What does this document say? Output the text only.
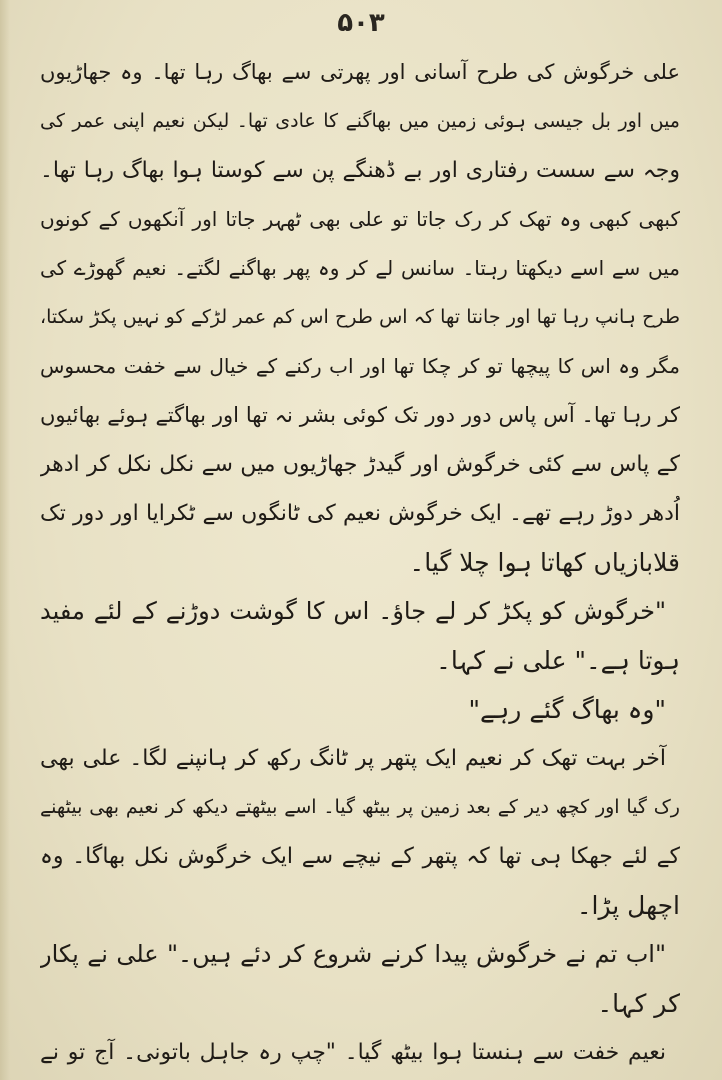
۵۰۳
علی خرگوش کی طرح آسانی اور پھرتی سے بھاگ رہا تھا۔ وہ جھاڑیوں
میں اور بل جیسی ہوئی زمین میں بھاگنے کا عادی تھا۔ لیکن نعیم اپنی عمر کی
وجہ سے سست رفتاری اور بے ڈھنگے پن سے کوستا ہوا بھاگ رہا تھا۔
کبھی کبھی وہ تھک کر رک جاتا تو علی بھی ٹھہر جاتا اور آنکھوں کے کونوں
میں سے اسے دیکھتا رہتا۔ سانس لے کر وہ پھر بھاگنے لگتے۔ نعیم گھوڑے کی
طرح ہانپ رہا تھا اور جانتا تھا کہ اس طرح اس کم عمر لڑکے کو نہیں پکڑ سکتا،
مگر وہ اس کا پیچھا تو کر چکا تھا اور اب رکنے کے خیال سے خفت محسوس
کر رہا تھا۔ آس پاس دور دور تک کوئی بشر نہ تھا اور بھاگتے ہوئے بھائیوں
کے پاس سے کئی خرگوش اور گیدڑ جھاڑیوں میں سے نکل نکل کر ادھر
اُدھر دوڑ رہے تھے۔ ایک خرگوش نعیم کی ٹانگوں سے ٹکرایا اور دور تک
قلابازیاں کھاتا ہوا چلا گیا۔
"خرگوش کو پکڑ کر لے جاؤ۔ اس کا گوشت دوڑنے کے لئے مفید
ہوتا ہے۔" علی نے کہا۔
"وہ بھاگ گئے رہے"
آخر بہت تھک کر نعیم ایک پتھر پر ٹانگ رکھ کر ہانپنے لگا۔ علی بھی
رک گیا اور کچھ دیر کے بعد زمین پر بیٹھ گیا۔ اسے بیٹھتے دیکھ کر نعیم بھی بیٹھنے
کے لئے جھکا ہی تھا کہ پتھر کے نیچے سے ایک خرگوش نکل بھاگا۔ وہ
اچھل پڑا۔
"اب تم نے خرگوش پیدا کرنے شروع کر دئے ہیں۔" علی نے پکار
کر کہا۔
نعیم خفت سے ہنستا ہوا بیٹھ گیا۔ "چپ رہ جاہل باتونی۔ آج تو نے
